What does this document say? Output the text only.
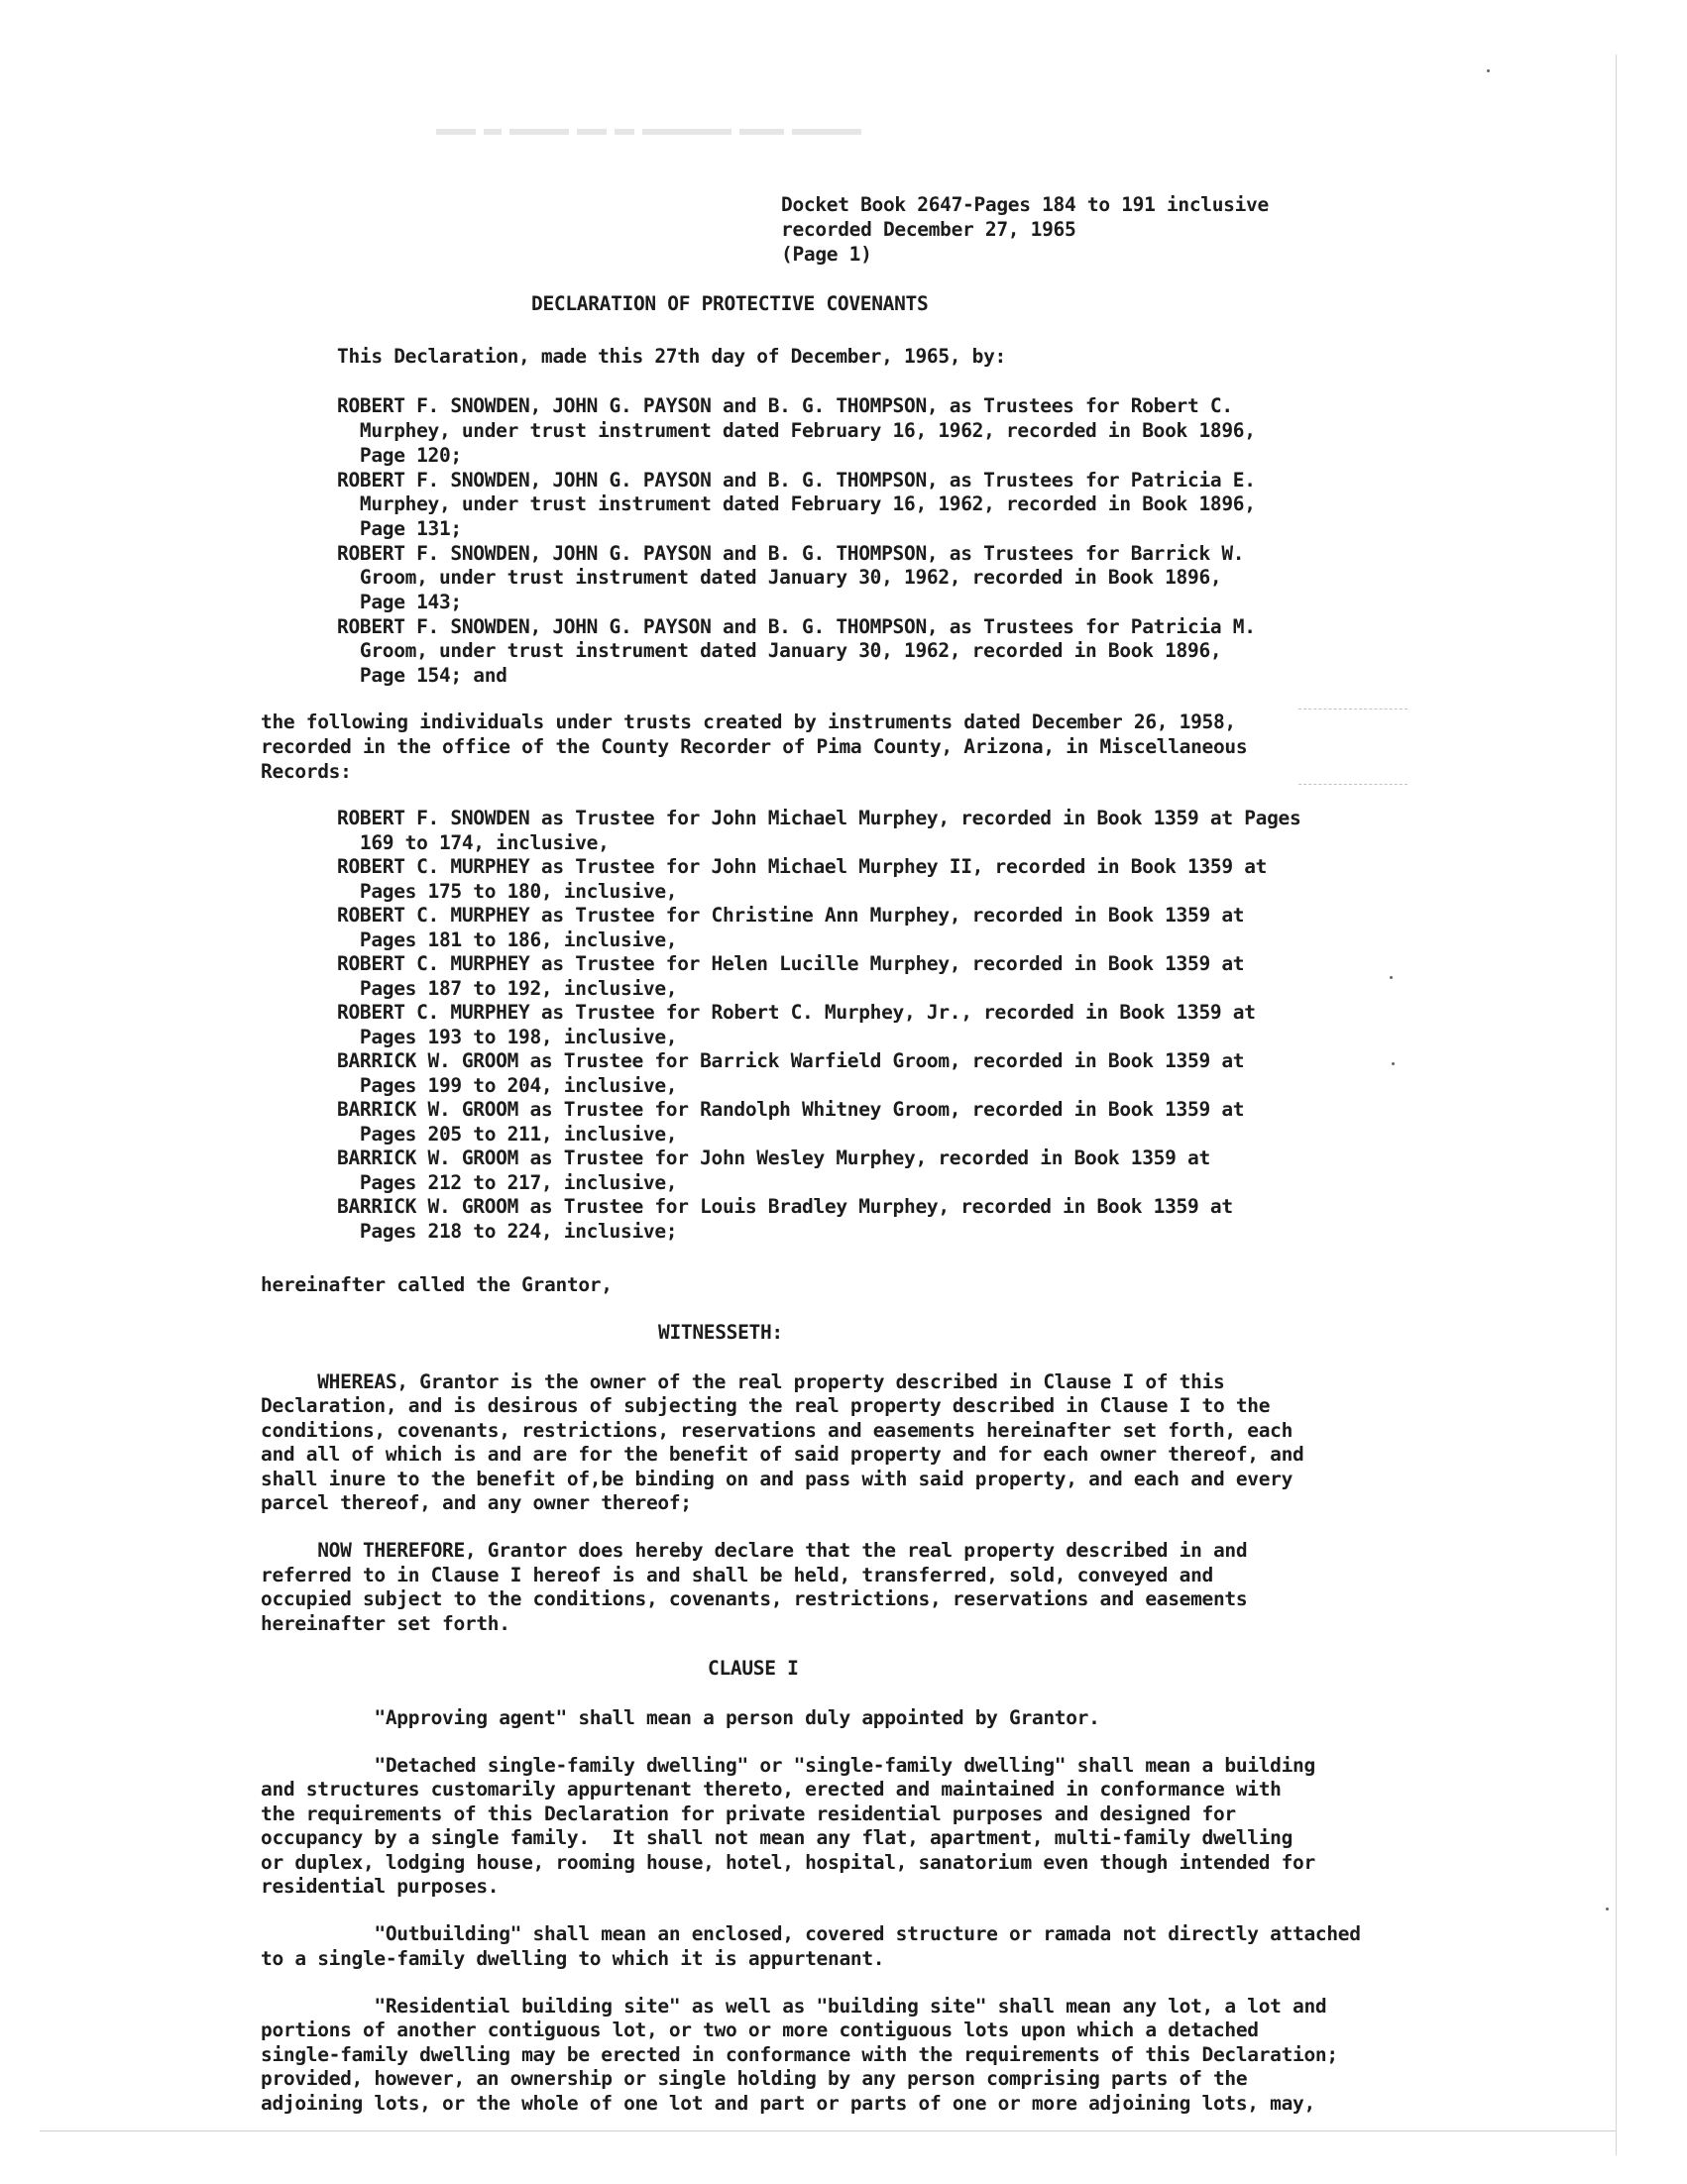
Docket Book 2647-Pages 184 to 191 inclusive
recorded December 27, 1965
(Page 1)
DECLARATION OF PROTECTIVE COVENANTS
This Declaration, made this 27th day of December, 1965, by:
ROBERT F. SNOWDEN, JOHN G. PAYSON and B. G. THOMPSON, as Trustees for Robert C.
Murphey, under trust instrument dated February 16, 1962, recorded in Book 1896,
Page 120;
ROBERT F. SNOWDEN, JOHN G. PAYSON and B. G. THOMPSON, as Trustees for Patricia E.
Murphey, under trust instrument dated February 16, 1962, recorded in Book 1896,
Page 131;
ROBERT F. SNOWDEN, JOHN G. PAYSON and B. G. THOMPSON, as Trustees for Barrick W.
Groom, under trust instrument dated January 30, 1962, recorded in Book 1896,
Page 143;
ROBERT F. SNOWDEN, JOHN G. PAYSON and B. G. THOMPSON, as Trustees for Patricia M.
Groom, under trust instrument dated January 30, 1962, recorded in Book 1896,
Page 154; and
the following individuals under trusts created by instruments dated December 26, 1958,
recorded in the office of the County Recorder of Pima County, Arizona, in Miscellaneous
Records:
ROBERT F. SNOWDEN as Trustee for John Michael Murphey, recorded in Book 1359 at Pages
169 to 174, inclusive,
ROBERT C. MURPHEY as Trustee for John Michael Murphey II, recorded in Book 1359 at
Pages 175 to 180, inclusive,
ROBERT C. MURPHEY as Trustee for Christine Ann Murphey, recorded in Book 1359 at
Pages 181 to 186, inclusive,
ROBERT C. MURPHEY as Trustee for Helen Lucille Murphey, recorded in Book 1359 at
Pages 187 to 192, inclusive,
ROBERT C. MURPHEY as Trustee for Robert C. Murphey, Jr., recorded in Book 1359 at
Pages 193 to 198, inclusive,
BARRICK W. GROOM as Trustee for Barrick Warfield Groom, recorded in Book 1359 at
Pages 199 to 204, inclusive,
BARRICK W. GROOM as Trustee for Randolph Whitney Groom, recorded in Book 1359 at
Pages 205 to 211, inclusive,
BARRICK W. GROOM as Trustee for John Wesley Murphey, recorded in Book 1359 at
Pages 212 to 217, inclusive,
BARRICK W. GROOM as Trustee for Louis Bradley Murphey, recorded in Book 1359 at
Pages 218 to 224, inclusive;
hereinafter called the Grantor,
WITNESSETH:
WHEREAS, Grantor is the owner of the real property described in Clause I of this
Declaration, and is desirous of subjecting the real property described in Clause I to the
conditions, covenants, restrictions, reservations and easements hereinafter set forth, each
and all of which is and are for the benefit of said property and for each owner thereof, and
shall inure to the benefit of,be binding on and pass with said property, and each and every
parcel thereof, and any owner thereof;
NOW THEREFORE, Grantor does hereby declare that the real property described in and
referred to in Clause I hereof is and shall be held, transferred, sold, conveyed and
occupied subject to the conditions, covenants, restrictions, reservations and easements
hereinafter set forth.
CLAUSE I
"Approving agent" shall mean a person duly appointed by Grantor.
"Detached single-family dwelling" or "single-family dwelling" shall mean a building
and structures customarily appurtenant thereto, erected and maintained in conformance with
the requirements of this Declaration for private residential purposes and designed for
occupancy by a single family.  It shall not mean any flat, apartment, multi-family dwelling
or duplex, lodging house, rooming house, hotel, hospital, sanatorium even though intended for
residential purposes.
"Outbuilding" shall mean an enclosed, covered structure or ramada not directly attached
to a single-family dwelling to which it is appurtenant.
"Residential building site" as well as "building site" shall mean any lot, a lot and
portions of another contiguous lot, or two or more contiguous lots upon which a detached
single-family dwelling may be erected in conformance with the requirements of this Declaration;
provided, however, an ownership or single holding by any person comprising parts of the
adjoining lots, or the whole of one lot and part or parts of one or more adjoining lots, may,
